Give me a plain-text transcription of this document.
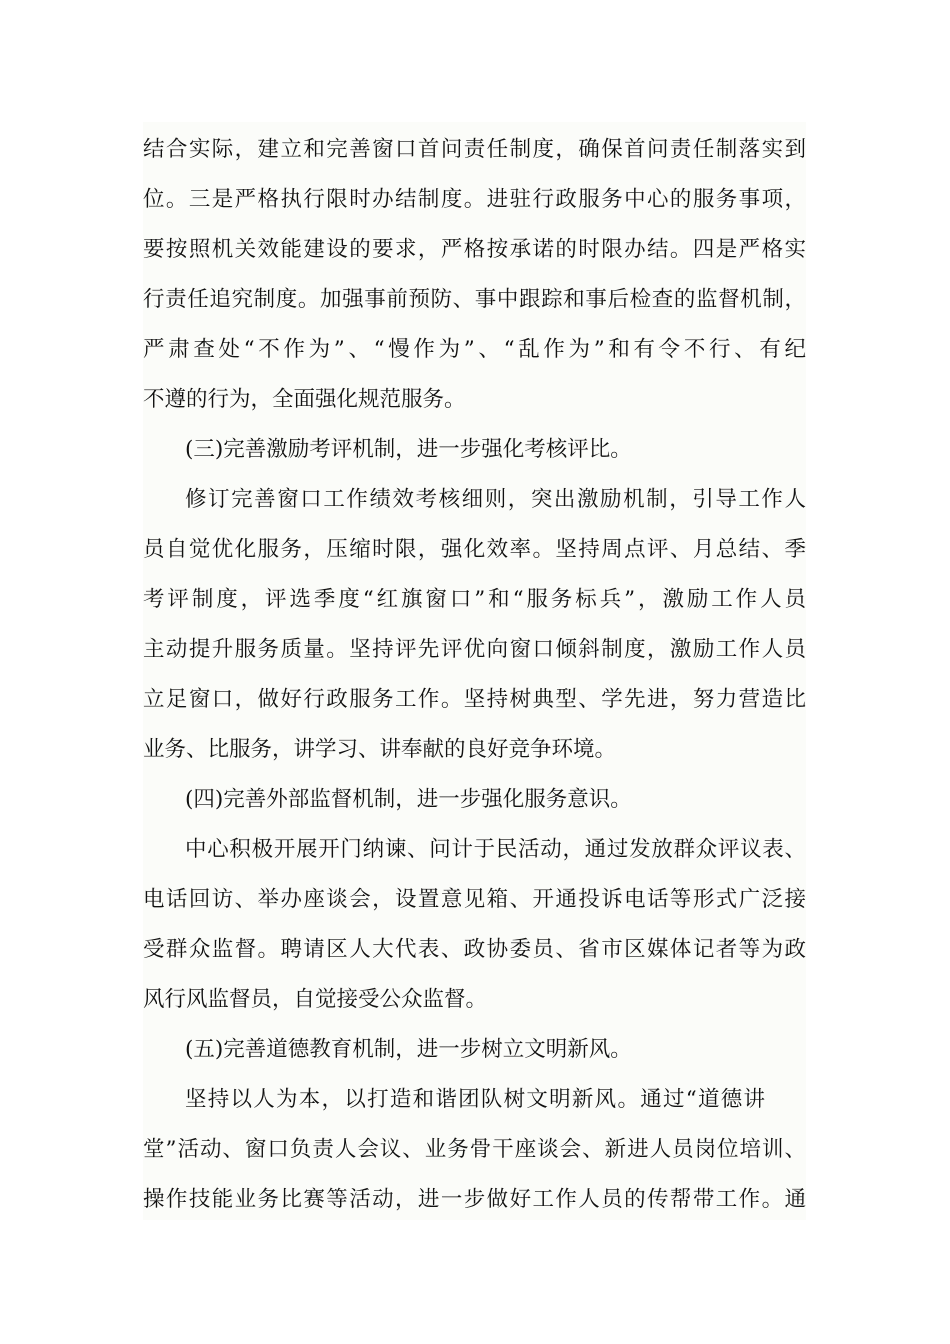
结合实际，建立和完善窗口首问责任制度，确保首问责任制落实到
位。三是严格执行限时办结制度。进驻行政服务中心的服务事项，
要按照机关效能建设的要求，严格按承诺的时限办结。四是严格实
行责任追究制度。加强事前预防、事中跟踪和事后检查的监督机制，
严肃查处“不作为”、“慢作为”、“乱作为”和有令不行、有纪
不遵的行为，全面强化规范服务。
(三)完善激励考评机制，进一步强化考核评比。
修订完善窗口工作绩效考核细则，突出激励机制，引导工作人
员自觉优化服务，压缩时限，强化效率。坚持周点评、月总结、季
考评制度，评选季度“红旗窗口”和“服务标兵”，激励工作人员
主动提升服务质量。坚持评先评优向窗口倾斜制度，激励工作人员
立足窗口，做好行政服务工作。坚持树典型、学先进，努力营造比
业务、比服务，讲学习、讲奉献的良好竞争环境。
(四)完善外部监督机制，进一步强化服务意识。
中心积极开展开门纳谏、问计于民活动，通过发放群众评议表、
电话回访、举办座谈会，设置意见箱、开通投诉电话等形式广泛接
受群众监督。聘请区人大代表、政协委员、省市区媒体记者等为政
风行风监督员，自觉接受公众监督。
(五)完善道德教育机制，进一步树立文明新风。
坚持以人为本，以打造和谐团队树文明新风。通过“道德讲
堂”活动、窗口负责人会议、业务骨干座谈会、新进人员岗位培训、
操作技能业务比赛等活动，进一步做好工作人员的传帮带工作。通
